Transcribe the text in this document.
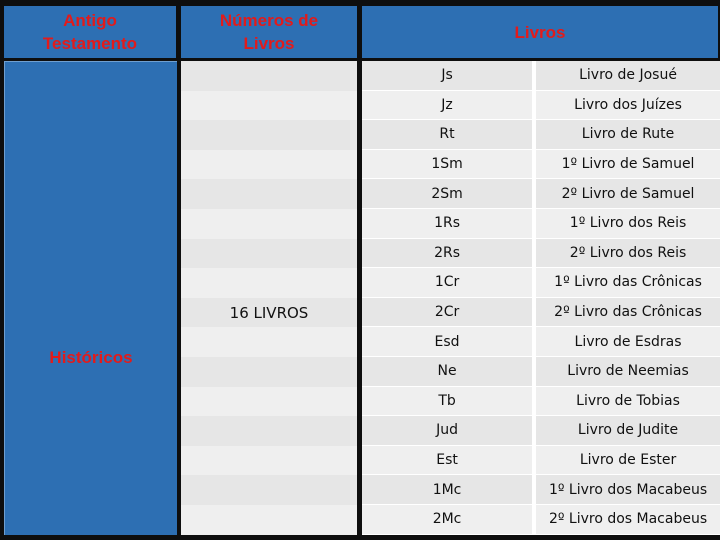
Antigo
Testamento
Números de
Livros
Livros
Históricos
16 LIVROS
Js	Livro de Josué
Jz	Livro dos Juízes
Rt	Livro de Rute
1Sm	1º Livro de Samuel
2Sm	2º Livro de Samuel
1Rs	1º Livro dos Reis
2Rs	2º Livro dos Reis
1Cr	1º Livro das Crônicas
2Cr	2º Livro das Crônicas
Esd	Livro de Esdras
Ne	Livro de Neemias
Tb	Livro de Tobias
Jud	Livro de Judite
Est	Livro de Ester
1Mc	1º Livro dos Macabeus
2Mc	2º Livro dos Macabeus
